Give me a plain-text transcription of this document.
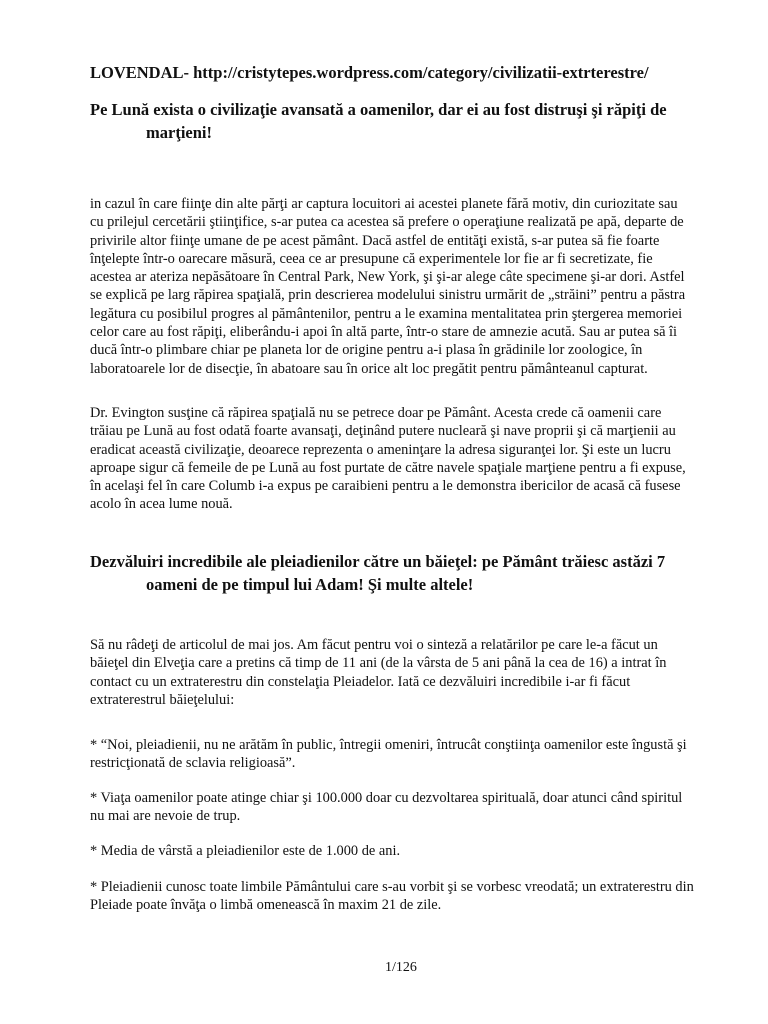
LOVENDAL- http://cristytepes.wordpress.com/category/civilizatii-extrterestre/
Pe Lună exista o civilizaţie avansată a oamenilor, dar ei au fost distruşi şi răpiţi de
marţieni!
in cazul în care fiinţe din alte părţi ar captura locuitori ai acestei planete fără motiv, din curiozitate sau
cu prilejul cercetării ştiinţifice, s-ar putea ca acestea să prefere o operaţiune realizată pe apă, departe de
privirile altor fiinţe umane de pe acest pământ. Dacă astfel de entităţi există, s-ar putea să fie foarte
înţelepte într-o oarecare măsură, ceea ce ar presupune că experimentele lor fie ar fi secretizate, fie
acestea ar ateriza nepăsătoare în Central Park, New York, şi şi-ar alege câte specimene şi-ar dori. Astfel
se explică pe larg răpirea spaţială, prin descrierea modelului sinistru urmărit de „străini” pentru a păstra
legătura cu posibilul progres al pământenilor, pentru a le examina mentalitatea prin ştergerea memoriei
celor care au fost răpiţi, eliberându-i apoi în altă parte, într-o stare de amnezie acută. Sau ar putea să îi
ducă într-o plimbare chiar pe planeta lor de origine pentru a-i plasa în grădinile lor zoologice, în
laboratoarele lor de disecţie, în abatoare sau în orice alt loc pregătit pentru pământeanul capturat.
Dr. Evington susţine că răpirea spaţială nu se petrece doar pe Pământ. Acesta crede că oamenii care
trăiau pe Lună au fost odată foarte avansaţi, deţinând putere nucleară şi nave proprii şi că marţienii au
eradicat această civilizaţie, deoarece reprezenta o ameninţare la adresa siguranţei lor. Şi este un lucru
aproape sigur că femeile de pe Lună au fost purtate de către navele spaţiale marţiene pentru a fi expuse,
în acelaşi fel în care Columb i-a expus pe caraibieni pentru a le demonstra ibericilor de acasă că fusese
acolo în acea lume nouă.
Dezvăluiri incredibile ale pleiadienilor către un băieţel: pe Pământ trăiesc astăzi 7
oameni de pe timpul lui Adam! Şi multe altele!
Să nu râdeţi de articolul de mai jos. Am făcut pentru voi o sinteză a relatărilor pe care le-a făcut un
băieţel din Elveţia care a pretins că timp de 11 ani (de la vârsta de 5 ani până la cea de 16) a intrat în
contact cu un extraterestru din constelaţia Pleiadelor. Iată ce dezvăluiri incredibile i-ar fi făcut
extraterestrul băieţelului:
* “Noi, pleiadienii, nu ne arătăm în public, întregii omeniri, întrucât conştiinţa oamenilor este îngustă şi
restricţionată de sclavia religioasă”.
* Viaţa oamenilor poate atinge chiar şi 100.000 doar cu dezvoltarea spirituală, doar atunci când spiritul
nu mai are nevoie de trup.
* Media de vârstă a pleiadienilor este de 1.000 de ani.
* Pleiadienii cunosc toate limbile Pământului care s-au vorbit şi se vorbesc vreodată; un extraterestru din
Pleiade poate învăţa o limbă omenească în maxim 21 de zile.
1/126
